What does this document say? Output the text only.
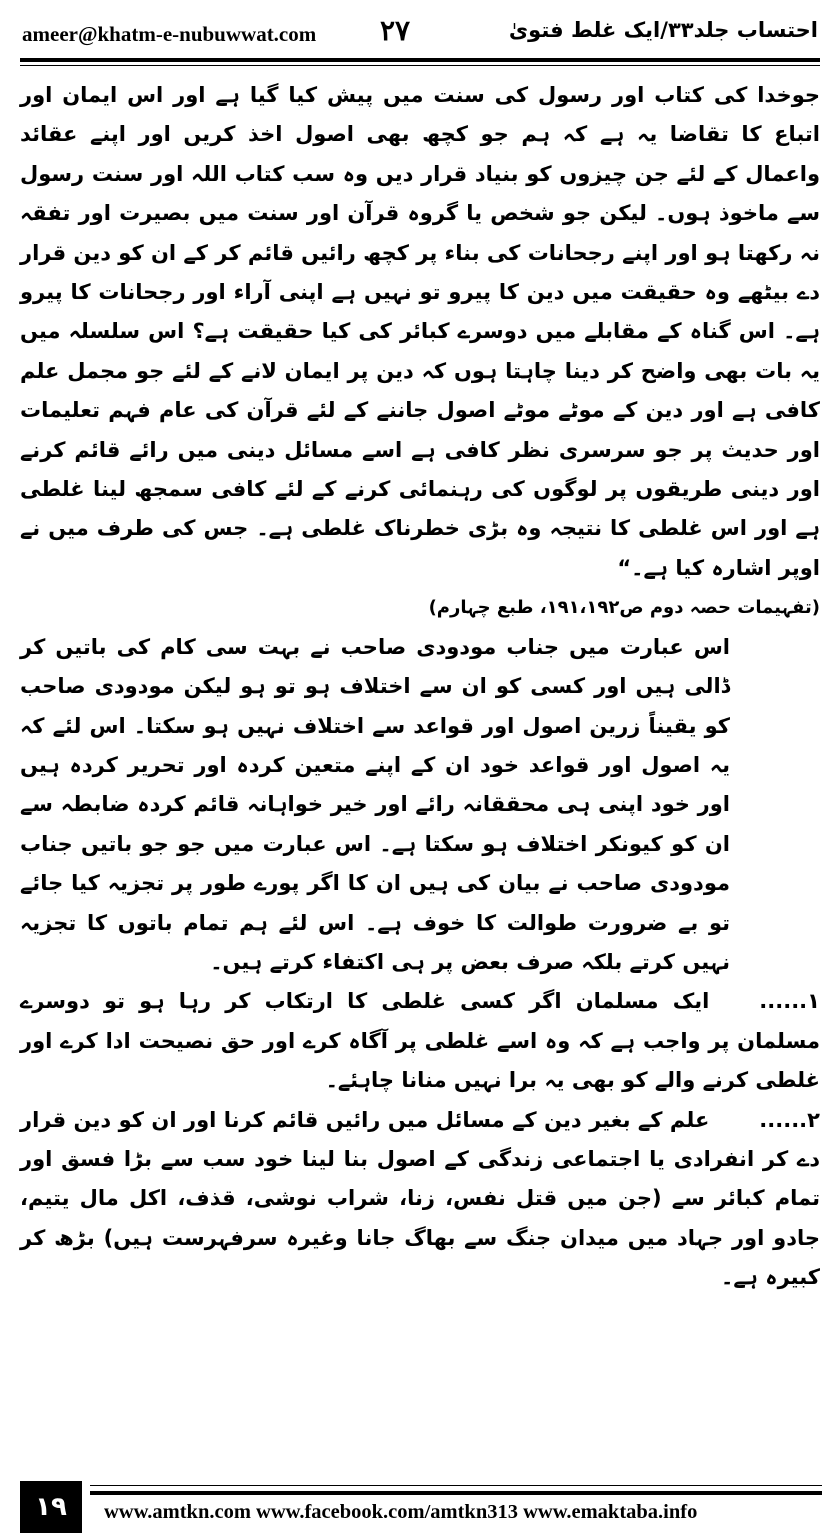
ameer@khatm-e-nubuwwat.com ۲۷	احتساب جلد۳۳/ایک غلط فتویٰ

جوخدا کی کتاب اور رسول کی سنت میں پیش کیا گیا ہے اور اس ایمان اور اتباع کا تقاضا یہ ہے کہ ہم جو کچھ بھی اصول اخذ کریں اور اپنے عقائد واعمال کے لئے جن چیزوں کو بنیاد قرار دیں وہ سب کتاب اللہ اور سنت رسول سے ماخوذ ہوں۔ لیکن جو شخص یا گروہ قرآن اور سنت میں بصیرت اور تفقہ نہ رکھتا ہو اور اپنے رجحانات کی بناء پر کچھ رائیں قائم کر کے ان کو دین قرار دے بیٹھے وہ حقیقت میں دین کا پیرو تو نہیں ہے اپنی آراء اور رجحانات کا پیرو ہے۔ اس گناہ کے مقابلے میں دوسرے کبائر کی کیا حقیقت ہے؟ اس سلسلہ میں یہ بات بھی واضح کر دینا چاہتا ہوں کہ دین پر ایمان لانے کے لئے جو مجمل علم کافی ہے اور دین کے موٹے موٹے اصول جاننے کے لئے قرآن کی عام فہم تعلیمات اور حدیث پر جو سرسری نظر کافی ہے اسے مسائل دینی میں رائے قائم کرنے اور دینی طریقوں پر لوگوں کی رہنمائی کرنے کے لئے کافی سمجھ لینا غلطی ہے اور اس غلطی کا نتیجہ وہ بڑی خطرناک غلطی ہے۔ جس کی طرف میں نے اوپر اشارہ کیا ہے۔“

(تفہیمات حصہ دوم ص۱۹۱،۱۹۲، طبع چہارم)

اس عبارت میں جناب مودودی صاحب نے بہت سی کام کی باتیں کر ڈالی ہیں اور کسی کو ان سے اختلاف ہو تو ہو لیکن مودودی صاحب کو یقیناً زرین اصول اور قواعد سے اختلاف نہیں ہو سکتا۔ اس لئے کہ یہ اصول اور قواعد خود ان کے اپنے متعین کردہ اور تحریر کردہ ہیں اور خود اپنی ہی محققانہ رائے اور خیر خواہانہ قائم کردہ ضابطہ سے ان کو کیونکر اختلاف ہو سکتا ہے۔ اس عبارت میں جو جو باتیں جناب مودودی صاحب نے بیان کی ہیں ان کا اگر پورے طور پر تجزیہ کیا جائے تو بے ضرورت طوالت کا خوف ہے۔ اس لئے ہم تمام باتوں کا تجزیہ نہیں کرتے بلکہ صرف بعض پر ہی اکتفاء کرتے ہیں۔

۱......ایک مسلمان اگر کسی غلطی کا ارتکاب کر رہا ہو تو دوسرے مسلمان پر واجب ہے کہ وہ اسے غلطی پر آگاہ کرے اور حق نصیحت ادا کرے اور غلطی کرنے والے کو بھی یہ برا نہیں منانا چاہئے۔

۲......علم کے بغیر دین کے مسائل میں رائیں قائم کرنا اور ان کو دین قرار دے کر انفرادی یا اجتماعی زندگی کے اصول بنا لینا خود سب سے بڑا فسق اور تمام کبائر سے (جن میں قتل نفس، زنا، شراب نوشی، قذف، اکل مال یتیم، جادو اور جہاد میں میدان جنگ سے بھاگ جانا وغیرہ سرفہرست ہیں) بڑھ کر کبیرہ ہے۔

۱۹	www.amtkn.com www.facebook.com/amtkn313 www.emaktaba.info
